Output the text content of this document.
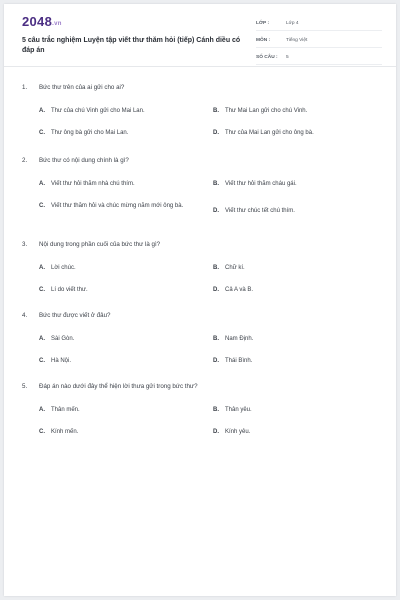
2048.vn
5 câu trắc nghiệm Luyện tập viết thư thăm hỏi (tiếp) Cánh diều có đáp án
LỚP :	Lớp 4
MÔN :	Tiếng Việt
SỐ CÂU :	5
1. Bức thư trên của ai gửi cho ai?
A.	Thư của chú Vinh gửi cho Mai Lan.	B.	Thư Mai Lan gửi cho chú Vinh.
C.	Thư ông bà gửi cho Mai Lan.	D.	Thư của Mai Lan gửi cho ông bà.
2. Bức thư có nội dung chính là gì?
A.	Viết thư hỏi thăm nhà chú thím.	B.	Viết thư hỏi thăm cháu gái.
C.	Viết thư thăm hỏi và chúc mừng năm mới ông bà.
D.	Viết thư chúc tết chú thím.
3. Nội dung trong phần cuối của bức thư là gì?
A.	Lời chúc.	B.	Chữ kí.
C.	Lí do viết thư.	D.	Cả A và B.
4. Bức thư được viết ở đâu?
A.	Sài Gòn.	B.	Nam Định.
C.	Hà Nội.	D.	Thái Bình.
5. Đáp án nào dưới đây thể hiện lời thưa gửi trong bức thư?
A.	Thân mến.	B.	Thân yêu.
C.	Kính mến.	D.	Kính yêu.
